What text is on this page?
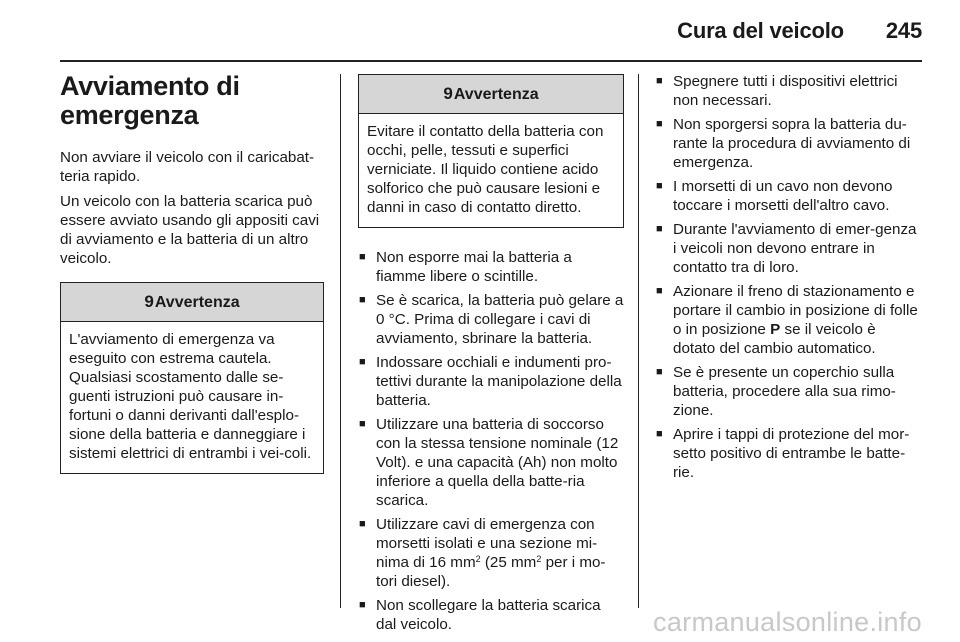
Cura del veicolo 245
Avviamento di emergenza

Non avviare il veicolo con il caricabat-teria rapido.

Un veicolo con la batteria scarica può essere avviato usando gli appositi cavi di avviamento e la batteria di un altro veicolo.

9Avvertenza
L'avviamento di emergenza va eseguito con estrema cautela. Qualsiasi scostamento dalle se-guenti istruzioni può causare in-fortuni o danni derivanti dall'esplo-sione della batteria e danneggiare i sistemi elettrici di entrambi i vei-coli.
9Avvertenza
Evitare il contatto della batteria con occhi, pelle, tessuti e superfici verniciate. Il liquido contiene acido solforico che può causare lesioni e danni in caso di contatto diretto.
■ Non esporre mai la batteria a fiamme libere o scintille.
■ Se è scarica, la batteria può gelare a 0 °C. Prima di collegare i cavi di avviamento, sbrinare la batteria.
■ Indossare occhiali e indumenti pro-tettivi durante la manipolazione della batteria.
■ Utilizzare una batteria di soccorso con la stessa tensione nominale (12 Volt). e una capacità (Ah) non molto inferiore a quella della batte-ria scarica.
■ Utilizzare cavi di emergenza con morsetti isolati e una sezione mi-nima di 16 $mm^2$ (25 $mm^2$ per i mo-tori diesel).
■ Non scollegare la batteria scarica dal veicolo.
■ Spegnere tutti i dispositivi elettrici non necessari.
■ Non sporgersi sopra la batteria du-rante la procedura di avviamento di emergenza.
■ I morsetti di un cavo non devono toccare i morsetti dell'altro cavo.
■ Durante l'avviamento di emer-genza i veicoli non devono entrare in contatto tra di loro.
■ Azionare il freno di stazionamento e portare il cambio in posizione di folle o in posizione P se il veicolo è dotato del cambio automatico.
■ Se è presente un coperchio sulla batteria, procedere alla sua rimo-zione.
■ Aprire i tappi di protezione del mor-setto positivo di entrambe le batte-rie.
carmanualsonline.info
